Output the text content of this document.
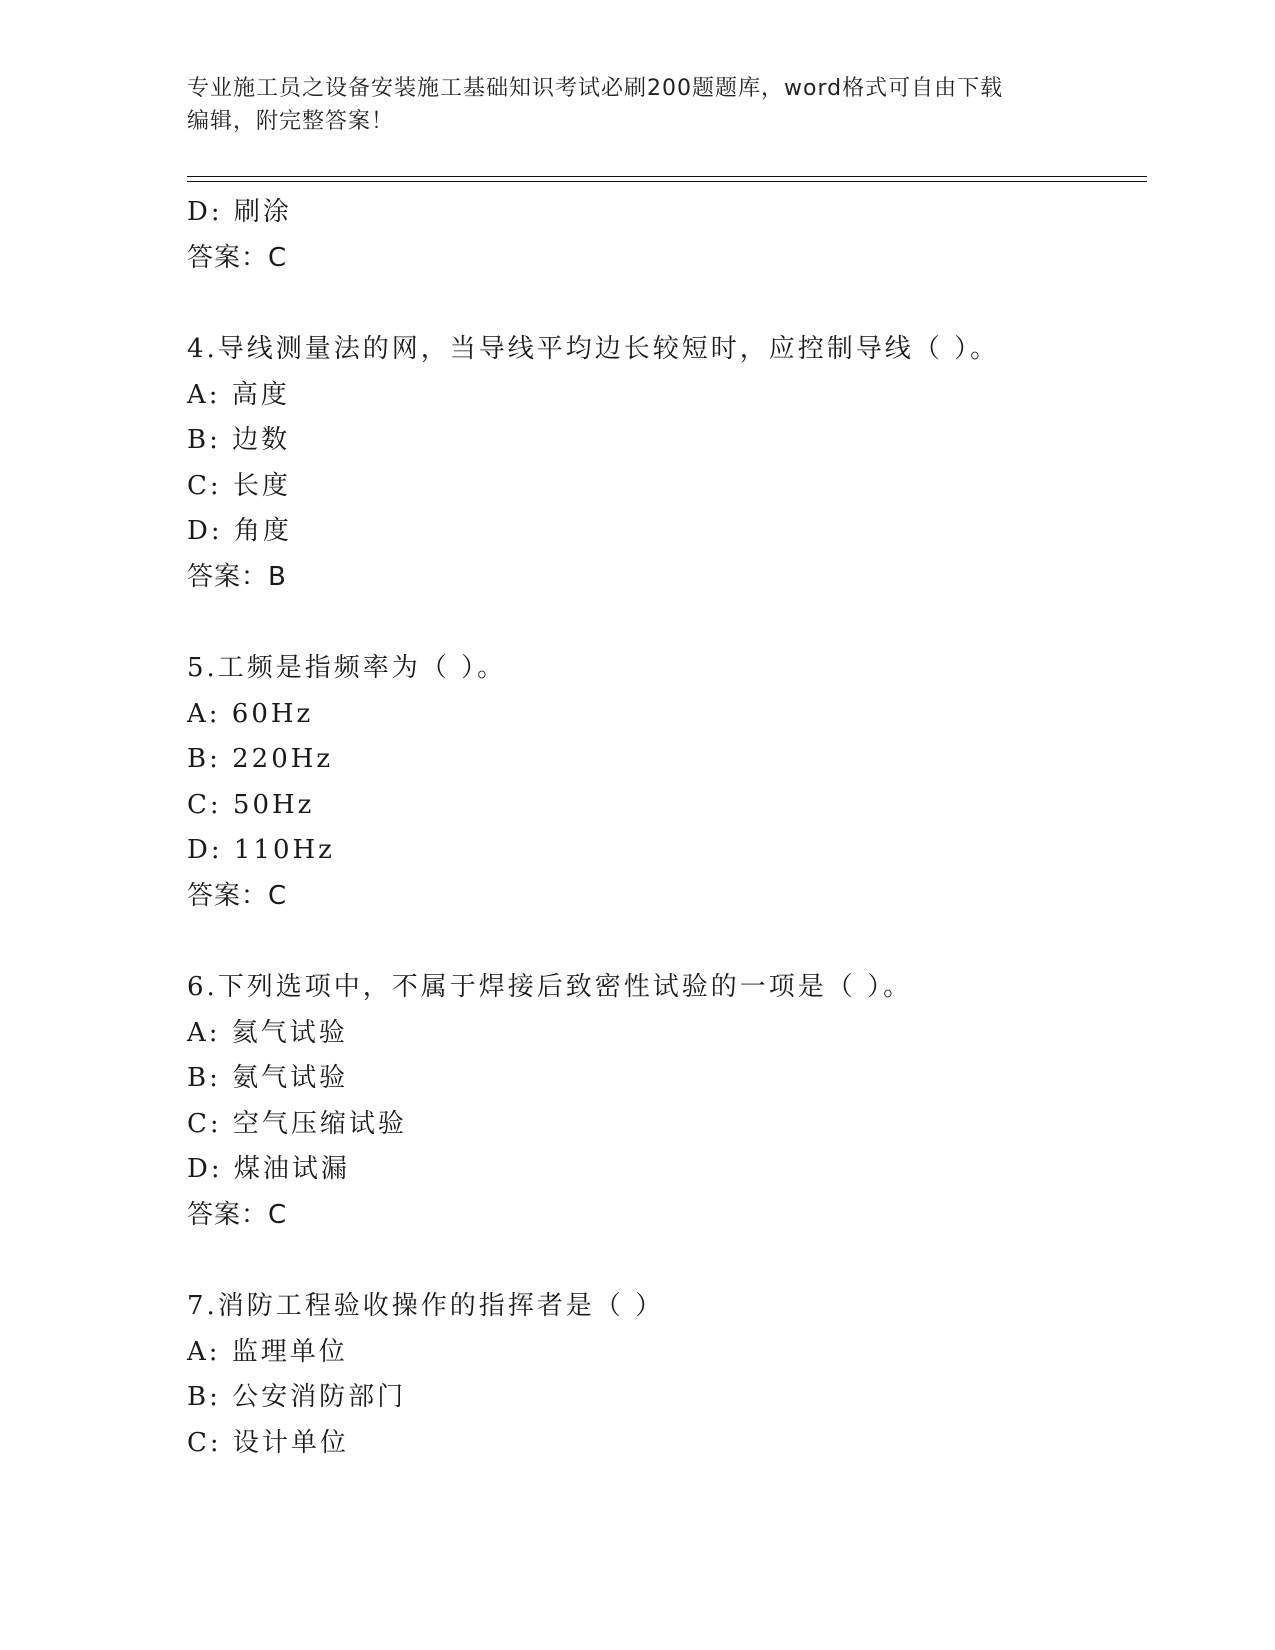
专业施工员之设备安装施工基础知识考试必刷200题题库，word格式可自由下载
编辑，附完整答案！
D: 刷涂
答案：C
4.导线测量法的网，当导线平均边长较短时，应控制导线（ ）。
A: 高度
B: 边数
C: 长度
D: 角度
答案：B
5.工频是指频率为（ ）。
A: 60Hz
B: 220Hz
C: 50Hz
D: 110Hz
答案：C
6.下列选项中，不属于焊接后致密性试验的一项是（ ）。
A: 氦气试验
B: 氨气试验
C: 空气压缩试验
D: 煤油试漏
答案：C
7.消防工程验收操作的指挥者是（ ）
A: 监理单位
B: 公安消防部门
C: 设计单位
